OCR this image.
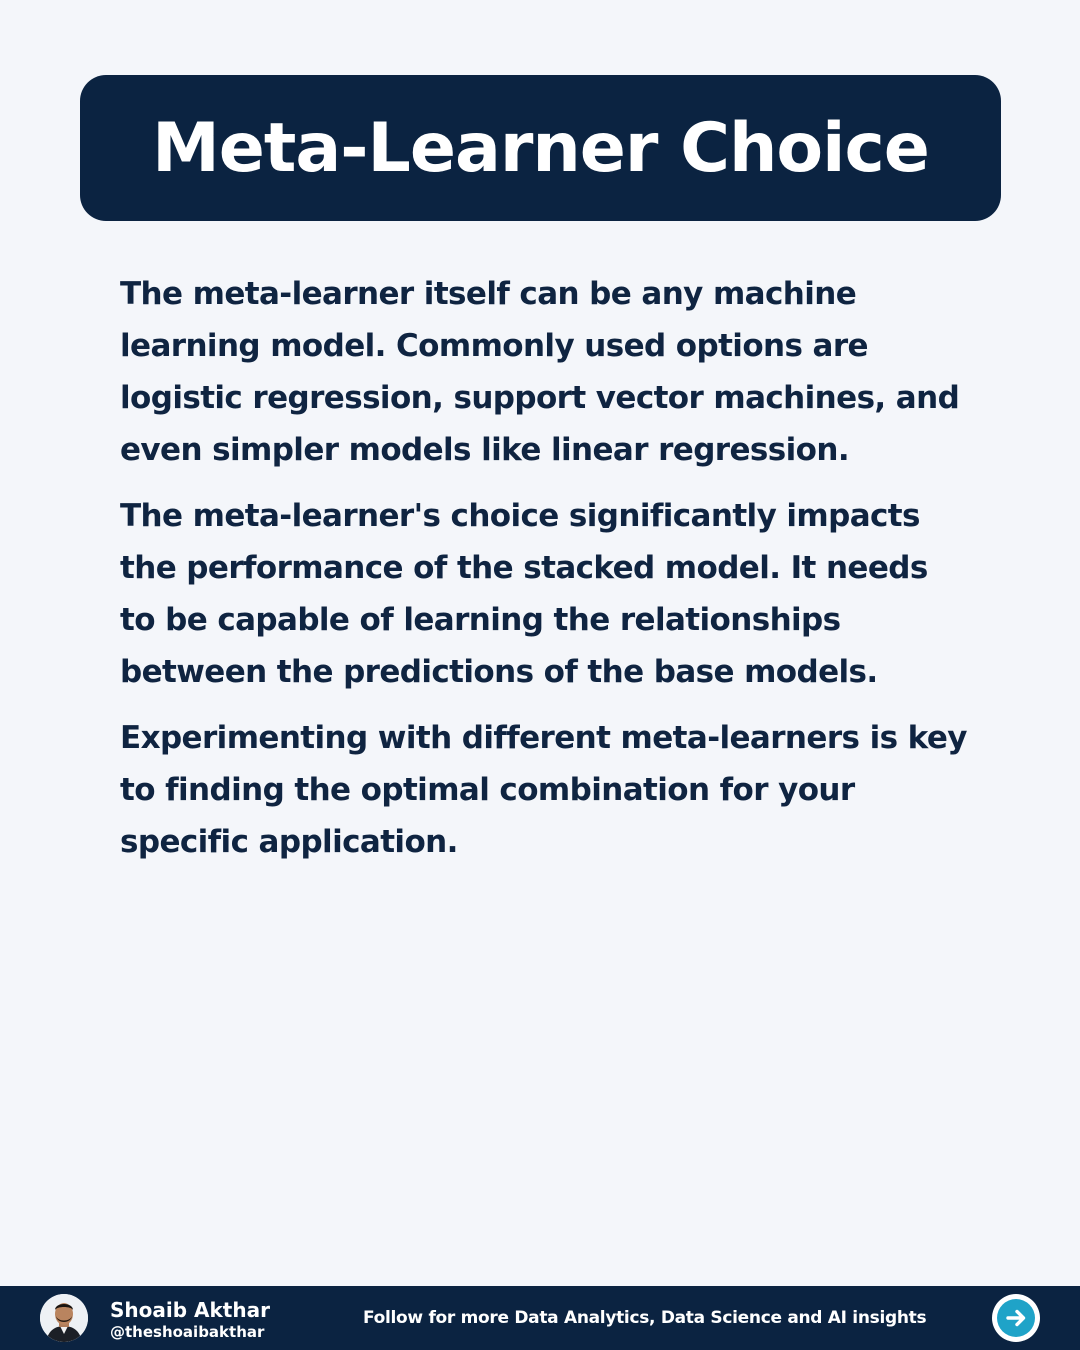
Meta-Learner Choice

The meta-learner itself can be any machine learning model. Commonly used options are logistic regression, support vector machines, and even simpler models like linear regression.

The meta-learner's choice significantly impacts the performance of the stacked model. It needs to be capable of learning the relationships between the predictions of the base models.

Experimenting with different meta-learners is key to finding the optimal combination for your specific application.

Shoaib Akthar
@theshoaibakthar
Follow for more Data Analytics, Data Science and AI insights
